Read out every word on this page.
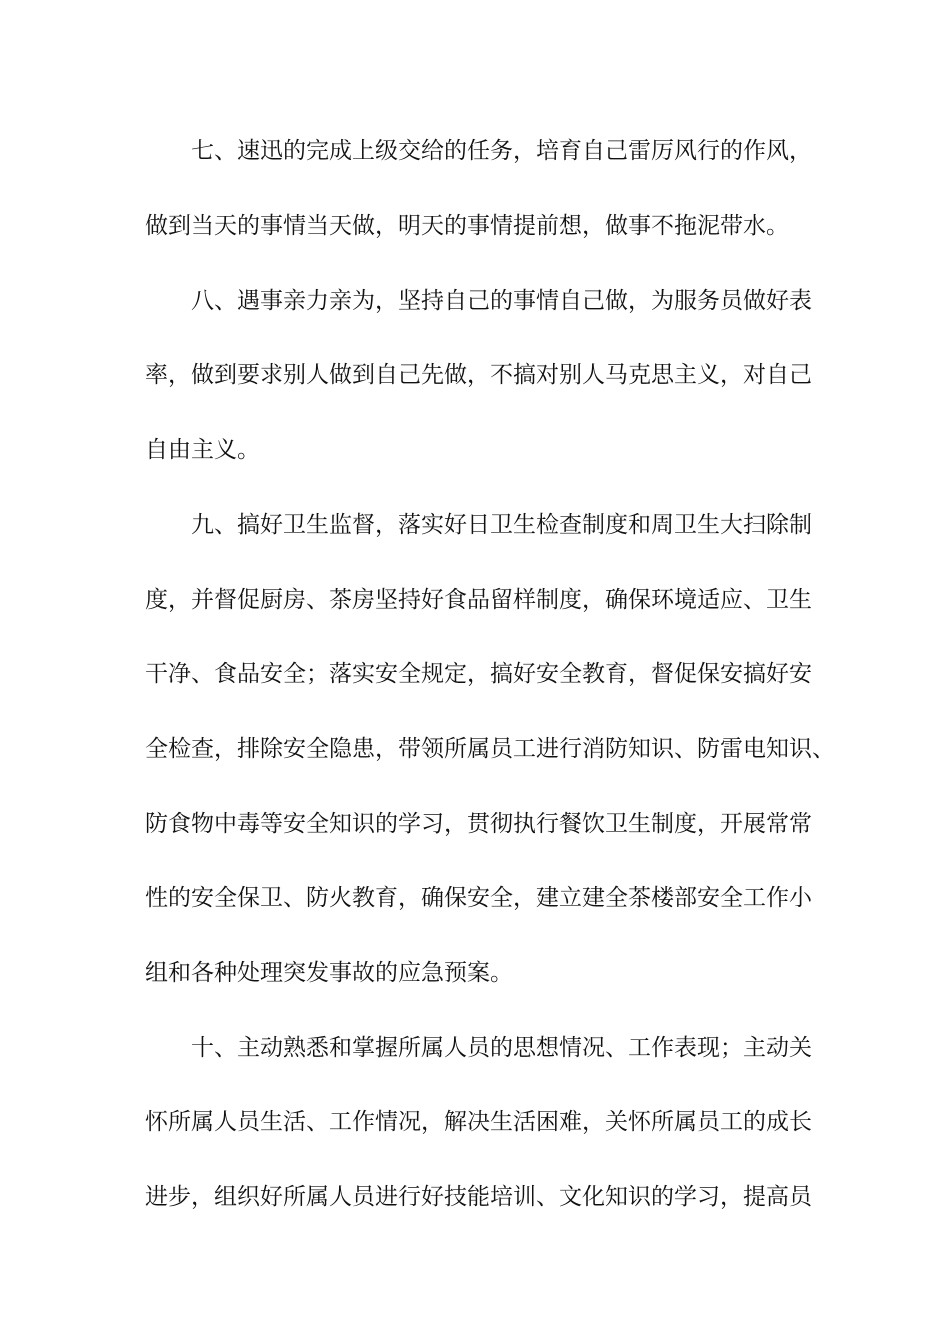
七、速迅的完成上级交给的任务，培育自己雷厉风行的作风，
做到当天的事情当天做，明天的事情提前想，做事不拖泥带水。
八、遇事亲力亲为，坚持自己的事情自己做，为服务员做好表
率，做到要求别人做到自己先做，不搞对别人马克思主义，对自己
自由主义。
九、搞好卫生监督，落实好日卫生检查制度和周卫生大扫除制
度，并督促厨房、茶房坚持好食品留样制度，确保环境适应、卫生
干净、食品安全；落实安全规定，搞好安全教育，督促保安搞好安
全检查，排除安全隐患，带领所属员工进行消防知识、防雷电知识、
防食物中毒等安全知识的学习，贯彻执行餐饮卫生制度，开展常常
性的安全保卫、防火教育，确保安全，建立建全茶楼部安全工作小
组和各种处理突发事故的应急预案。
十、主动熟悉和掌握所属人员的思想情况、工作表现；主动关
怀所属人员生活、工作情况，解决生活困难，关怀所属员工的成长
进步，组织好所属人员进行好技能培训、文化知识的学习，提高员
